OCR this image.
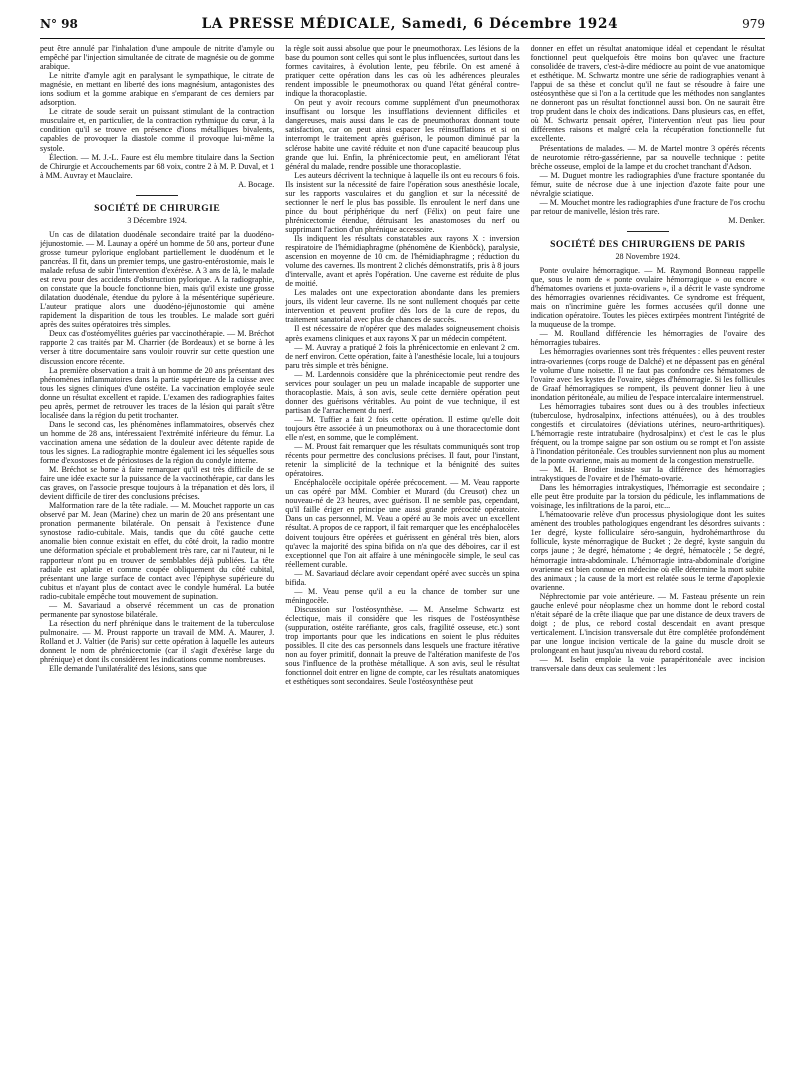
N° 98	LA PRESSE MÉDICALE, Samedi, 6 Décembre 1924	979

peut être annulé par l'inhalation d'une ampoule de nitrite d'amyle ou empêché par l'injection simultanée de citrate de magnésie ou de gomme arabique.

Le nitrite d'amyle agit en paralysant le sympathique, le citrate de magnésie, en mettant en liberté des ions magnésium, antagonistes des ions sodium et la gomme arabique en s'emparant de ces derniers par adsorption.

Le citrate de soude serait un puissant stimulant de la contraction musculaire et, en particulier, de la contraction rythmique du cœur, à la condition qu'il se trouve en présence d'ions métalliques bivalents, capables de provoquer la diastole comme il provoque lui-même la systole.

Élection. — M. J.-L. Faure est élu membre titulaire dans la Section de Chirurgie et Accouchements par 68 voix, contre 2 à M. P. Duval, et 1 à MM. Auvray et Mauclaire.

A. Bocage.

SOCIÉTÉ DE CHIRURGIE
3 Décembre 1924.

Un cas de dilatation duodénale secondaire traité par la duodéno-jéjunostomie. — M. Launay a opéré un homme de 50 ans, porteur d'une grosse tumeur pylorique englobant partiellement le duodénum et le pancréas. Il fit, dans un premier temps, une gastro-entérostomie, mais le malade refusa de subir l'intervention d'exérèse. A 3 ans de là, le malade est revu pour des accidents d'obstruction pylorique. A la radiographie, on constate que la boucle fonctionne bien, mais qu'il existe une grosse dilatation duodénale, étendue du pylore à la mésentérique supérieure. L'auteur pratique alors une duodéno-jéjunostomie qui amène rapidement la disparition de tous les troubles. Le malade sort guéri après des suites opératoires très simples.

Deux cas d'ostéomyélites guéries par vaccinothérapie. — M. Bréchot rapporte 2 cas traités par M. Charrier (de Bordeaux) et se borne à les verser à titre documentaire sans vouloir rouvrir sur cette question une discussion encore récente.

La première observation a trait à un homme de 20 ans présentant des phénomènes inflammatoires dans la partie supérieure de la cuisse avec tous les signes cliniques d'une ostéite. La vaccination employée seule donne un résultat excellent et rapide. L'examen des radiographies faites peu après, permet de retrouver les traces de la lésion qui paraît s'être localisée dans la région du petit trochanter.

Dans le second cas, les phénomènes inflammatoires, observés chez un homme de 28 ans, intéressaient l'extrémité inférieure du fémur. La vaccination amena une sédation de la douleur avec détente rapide de tous les signes. La radiographie montre également ici les séquelles sous forme d'exostoses et de périostoses de la région du condyle interne.

M. Bréchot se borne à faire remarquer qu'il est très difficile de se faire une idée exacte sur la puissance de la vaccinothérapie, car dans les cas graves, on l'associe presque toujours à la trépanation et dès lors, il devient difficile de tirer des conclusions précises.

Malformation rare de la tête radiale. — M. Mouchet rapporte un cas observé par M. Jean (Marine) chez un marin de 20 ans présentant une pronation permanente bilatérale. On pensait à l'existence d'une synostose radio-cubitale. Mais, tandis que du côté gauche cette anomalie bien connue existait en effet, du côté droit, la radio montre une déformation spéciale et probablement très rare, car ni l'auteur, ni le rapporteur n'ont pu en trouver de semblables déjà publiées. La tête radiale est aplatie et comme coupée obliquement du côté cubital, présentant une large surface de contact avec l'épiphyse supérieure du cubitus et n'ayant plus de contact avec le condyle huméral. La butée radio-cubitale empêche tout mouvement de supination.

— M. Savariaud a observé récemment un cas de pronation permanente par synostose bilatérale.

La résection du nerf phrénique dans le traitement de la tuberculose pulmonaire. — M. Proust rapporte un travail de MM. A. Maurer, J. Rolland et J. Valtier (de Paris) sur cette opération à laquelle les auteurs donnent le nom de phrénicectomie (car il s'agit d'exérèse large du phrénique) et dont ils considèrent les indications comme nombreuses.

Elle demande l'unilatéralité des lésions, sans que

la règle soit aussi absolue que pour le pneumothorax. Les lésions de la base du poumon sont celles qui sont le plus influencées, surtout dans les formes cavitaires, à évolution lente, peu fébrile. On est amené à pratiquer cette opération dans les cas où les adhérences pleurales rendent impossible le pneumothorax ou quand l'état général contre-indique la thoracoplastie.

On peut y avoir recours comme supplément d'un pneumothorax insuffisant ou lorsque les insufflations deviennent difficiles et dangereuses, mais aussi dans le cas de pneumothorax donnant toute satisfaction, car on peut ainsi espacer les réinsufflations et si on interrompt le traitement après guérison, le poumon diminué par la sclérose habite une cavité réduite et non d'une capacité beaucoup plus grande que lui. Enfin, la phrénicectomie peut, en améliorant l'état général du malade, rendre possible une thoracoplastie.

Les auteurs décrivent la technique à laquelle ils ont eu recours 6 fois. Ils insistent sur la nécessité de faire l'opération sous anesthésie locale, sur les rapports vasculaires et du ganglion et sur la nécessité de sectionner le nerf le plus bas possible. Ils enroulent le nerf dans une pince du bout périphérique du nerf (Félix) on peut faire une phrénicectomie étendue, détruisant les anastomoses du nerf ou supprimant l'action d'un phrénique accessoire.

Ils indiquent les résultats constatables aux rayons X : inversion respiratoire de l'hémidiaphragme (phénomène de Kienböck), paralysie, ascension en moyenne de 10 cm. de l'hémidiaphragme ; réduction du volume des cavernes. Ils montrent 2 clichés démonstratifs, pris à 8 jours d'intervalle, avant et après l'opération. Une caverne est réduite de plus de moitié.

Les malades ont une expectoration abondante dans les premiers jours, ils vident leur caverne. Ils ne sont nullement choqués par cette intervention et peuvent profiter dès lors de la cure de repos, du traitement sanatorial avec plus de chances de succès.

Il est nécessaire de n'opérer que des malades soigneusement choisis après examens cliniques et aux rayons X par un médecin compétent.

— M. Auvray a pratiqué 2 fois la phrénicectomie en enlevant 2 cm. de nerf environ. Cette opération, faite à l'anesthésie locale, lui a toujours paru très simple et très bénigne.

— M. Lardennois considère que la phrénicectomie peut rendre des services pour soulager un peu un malade incapable de supporter une thoracoplastie. Mais, à son avis, seule cette dernière opération peut donner des guérisons véritables. Au point de vue technique, il est partisan de l'arrachement du nerf.

— M. Tuffier a fait 2 fois cette opération. Il estime qu'elle doit toujours être associée à un pneumothorax ou à une thoracectomie dont elle n'est, en somme, que le complément.

— M. Proust fait remarquer que les résultats communiqués sont trop récents pour permettre des conclusions précises. Il faut, pour l'instant, retenir la simplicité de la technique et la bénignité des suites opératoires.

Encéphalocèle occipitale opérée précocement. — M. Veau rapporte un cas opéré par MM. Combier et Murard (du Creusot) chez un nouveau-né de 23 heures, avec guérison. Il ne semble pas, cependant, qu'il faille ériger en principe une aussi grande précocité opératoire. Dans un cas personnel, M. Veau a opéré au 3e mois avec un excellent résultat. A propos de ce rapport, il fait remarquer que les encéphalocèles doivent toujours être opérées et guérissent en général très bien, alors qu'avec la majorité des spina bifida on n'a que des déboires, car il est exceptionnel que l'on ait affaire à une méningocèle simple, le seul cas réellement curable.

— M. Savariaud déclare avoir cependant opéré avec succès un spina bifida.

— M. Veau pense qu'il a eu la chance de tomber sur une méningocèle.

Discussion sur l'ostéosynthèse. — M. Anselme Schwartz est éclectique, mais il considère que les risques de l'ostéosynthèse (suppuration, ostéite raréfiante, gros cals, fragilité osseuse, etc.) sont trop importants pour que les indications en soient le plus réduites possibles. Il cite des cas personnels dans lesquels une fracture itérative non au foyer primitif, donnait la preuve de l'altération manifeste de l'os sous l'influence de la prothèse métallique. A son avis, seul le résultat fonctionnel doit entrer en ligne de compte, car les résultats anatomiques et esthétiques sont secondaires. Seule l'ostéosynthèse peut

donner en effet un résultat anatomique idéal et cependant le résultat fonctionnel peut quelquefois être moins bon qu'avec une fracture consolidée de travers, c'est-à-dire médiocre au point de vue anatomique et esthétique. M. Schwartz montre une série de radiographies venant à l'appui de sa thèse et conclut qu'il ne faut se résoudre à faire une ostéosynthèse que si l'on a la certitude que les méthodes non sanglantes ne donneront pas un résultat fonctionnel aussi bon. On ne saurait être trop prudent dans le choix des indications. Dans plusieurs cas, en effet, où M. Schwartz pensait opérer, l'intervention n'eut pas lieu pour différentes raisons et malgré cela la récupération fonctionnelle fut excellente.

Présentations de malades. — M. de Martel montre 3 opérés récents de neurotomie rétro-gassérienne, par sa nouvelle technique : petite brèche osseuse, emploi de la lampe et du crochet tranchant d'Adson.

— M. Duguet montre les radiographies d'une fracture spontanée du fémur, suite de nécrose due à une injection d'azote faite pour une névralgie sciatique.

— M. Mouchet montre les radiographies d'une fracture de l'os crochu par retour de manivelle, lésion très rare.

M. Denker.

SOCIÉTÉ DES CHIRURGIENS DE PARIS
28 Novembre 1924.

Ponte ovulaire hémorragique. — M. Raymond Bonneau rappelle que, sous le nom de « ponte ovulaire hémorragique » ou encore « d'hématomes ovariens et juxta-ovariens », il a décrit le vaste syndrome des hémorragies ovariennes récidivantes. Ce syndrome est fréquent, mais on n'incrimine guère les formes accusées qu'il donne une indication opératoire. Toutes les pièces extirpées montrent l'intégrité de la muqueuse de la trompe.

— M. Roulland différencie les hémorragies de l'ovaire des hémorragies tubaires.

Les hémorragies ovariennes sont très fréquentes : elles peuvent rester intra-ovariennes (corps rouge de Dalché) et ne dépassent pas en général le volume d'une noisette. Il ne faut pas confondre ces hématomes de l'ovaire avec les kystes de l'ovaire, sièges d'hémorragie. Si les follicules de Graaf hémorragiques se rompent, ils peuvent donner lieu à une inondation péritonéale, au milieu de l'espace intercalaire intermenstruel.

Les hémorragies tubaires sont dues ou à des troubles infectieux (tuberculose, hydrosalpinx, infections atténuées), ou à des troubles congestifs et circulatoires (déviations utérines, neuro-arthritiques). L'hémorragie reste intratubaire (hydrosalpinx) et c'est le cas le plus fréquent, ou la trompe saigne par son ostium ou se rompt et l'on assiste à l'inondation péritonéale. Ces troubles surviennent non plus au moment de la ponte ovarienne, mais au moment de la congestion menstruelle.

— M. H. Brodier insiste sur la différence des hémorragies intrakystiques de l'ovaire et de l'hémato-ovarie.

Dans les hémorragies intrakystiques, l'hémorragie est secondaire ; elle peut être produite par la torsion du pédicule, les inflammations de voisinage, les infiltrations de la paroi, etc...

L'hématoovarie relève d'un processus physiologique dont les suites amènent des troubles pathologiques engendrant les désordres suivants : 1er degré, kyste folliculaire séro-sanguin, hydrohémarthrose du follicule, kyste ménorragique de Bucket ; 2e degré, kyste sanguin du corps jaune ; 3e degré, hématome ; 4e degré, hématocèle ; 5e degré, hémorragie intra-abdominale. L'hémorragie intra-abdominale d'origine ovarienne est bien connue en médecine où elle détermine la mort subite des animaux ; la cause de la mort est relatée sous le terme d'apoplexie ovarienne.

Néphrectomie par voie antérieure. — M. Fasteau présente un rein gauche enlevé pour néoplasme chez un homme dont le rebord costal n'était séparé de la crête iliaque que par une distance de deux travers de doigt ; de plus, ce rebord costal descendait en avant presque verticalement. L'incision transversale dut être complétée profondément par une longue incision verticale de la gaine du muscle droit se prolongeant en haut jusqu'au niveau du rebord costal.

— M. Iselin emploie la voie parapéritonéale avec incision transversale dans deux cas seulement : les
